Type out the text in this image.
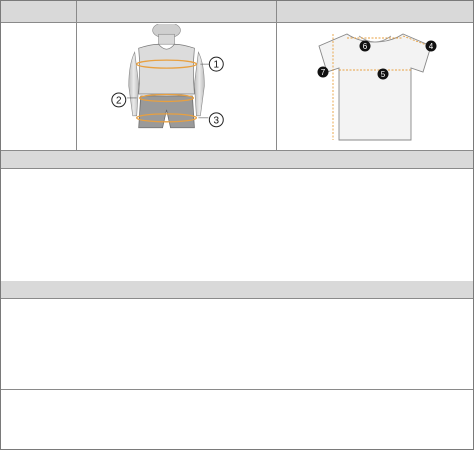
1
2
3
6	4
5
7
